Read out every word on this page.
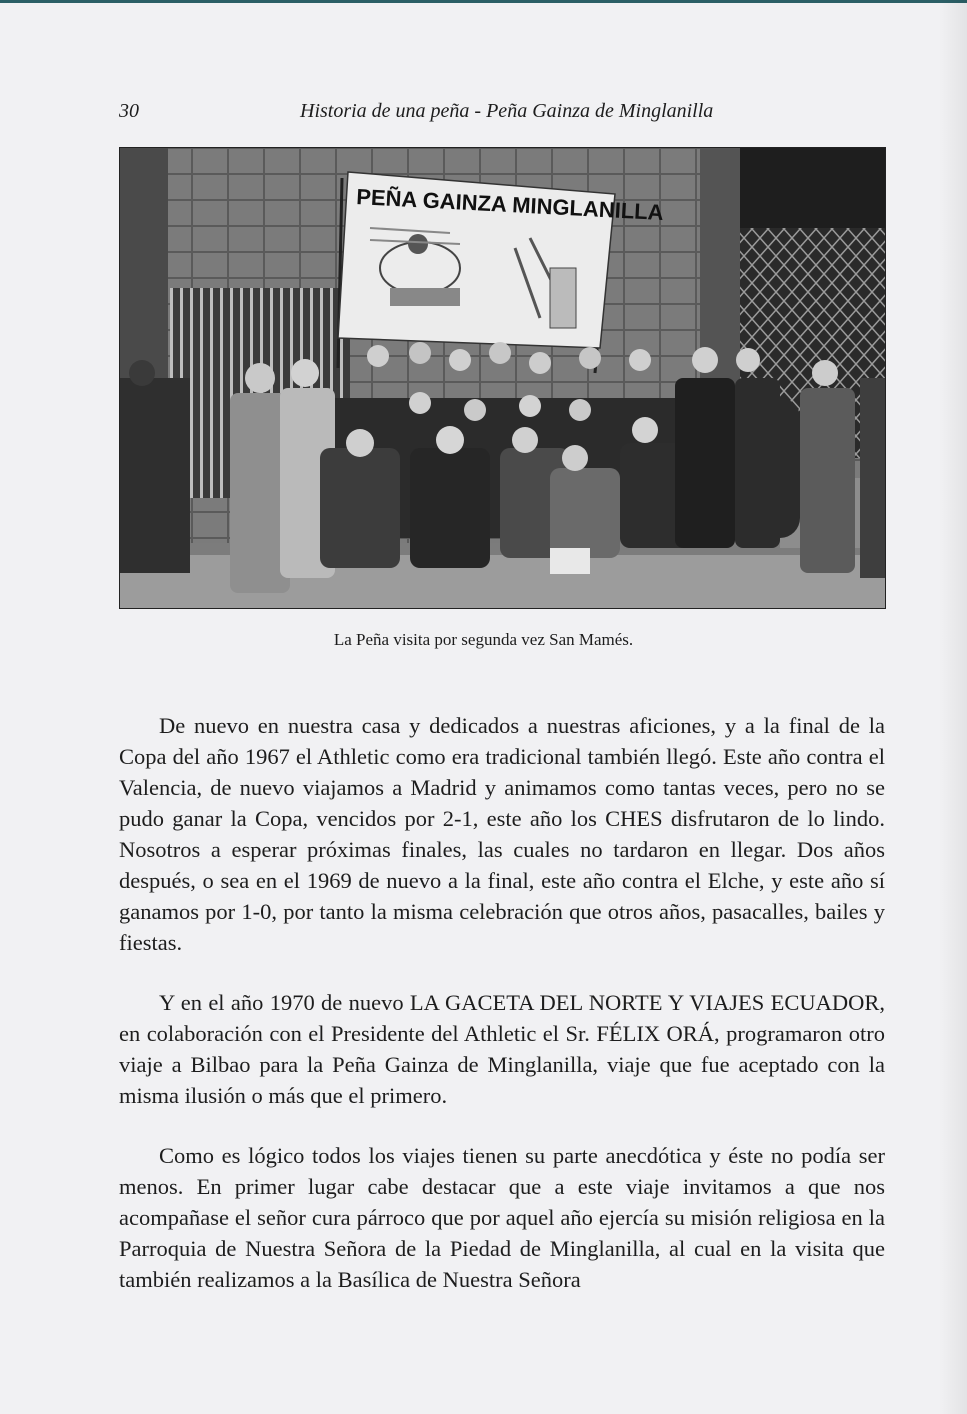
30	Historia de una peña - Peña Gainza de Minglanilla
PEÑA GAINZA MINGLANILLA
La Peña visita por segunda vez San Mamés.

De nuevo en nuestra casa y dedicados a nuestras aficiones, y a la final de la Copa del año 1967 el Athletic como era tradicional también llegó. Este año contra el Valencia, de nuevo viajamos a Madrid y animamos como tantas veces, pero no se pudo ganar la Copa, vencidos por 2-1, este año los CHES disfrutaron de lo lindo. Nosotros a esperar próximas finales, las cuales no tardaron en llegar. Dos años después, o sea en el 1969 de nuevo a la final, este año contra el Elche, y este año sí ganamos por 1-0, por tanto la misma celebración que otros años, pasacalles, bailes y fiestas.

Y en el año 1970 de nuevo LA GACETA DEL NORTE Y VIAJES ECUADOR, en colaboración con el Presidente del Athletic el Sr. FÉLIX ORÁ, programaron otro viaje a Bilbao para la Peña Gainza de Minglanilla, viaje que fue aceptado con la misma ilusión o más que el primero.

Como es lógico todos los viajes tienen su parte anecdótica y éste no podía ser menos. En primer lugar cabe destacar que a este viaje invitamos a que nos acompañase el señor cura párroco que por aquel año ejercía su misión religiosa en la Parroquia de Nuestra Señora de la Piedad de Minglanilla, al cual en la visita que también realizamos a la Basílica de Nuestra Señora
